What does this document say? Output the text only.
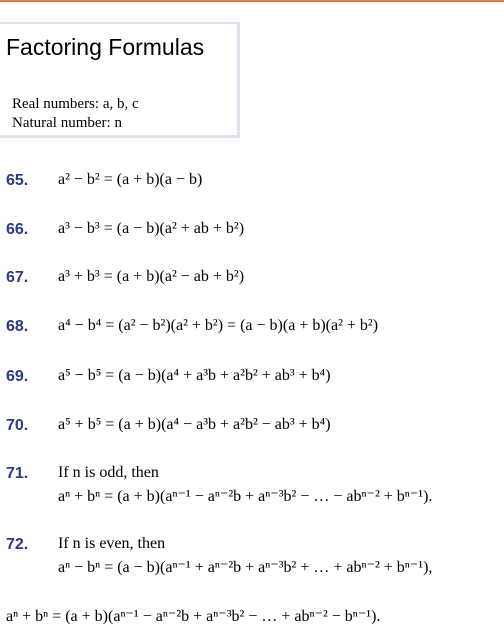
Factoring Formulas
Real numbers: a, b, c
Natural number: n
65. a² − b² = (a + b)(a − b)
66. a³ − b³ = (a − b)(a² + ab + b²)
67. a³ + b³ = (a + b)(a² − ab + b²)
68. a⁴ − b⁴ = (a² − b²)(a² + b²) = (a − b)(a + b)(a² + b²)
69. a⁵ − b⁵ = (a − b)(a⁴ + a³b + a²b² + ab³ + b⁴)
70. a⁵ + b⁵ = (a + b)(a⁴ − a³b + a²b² − ab³ + b⁴)
71. If n is odd, then
aⁿ + bⁿ = (a + b)(aⁿ⁻¹ − aⁿ⁻²b + aⁿ⁻³b² − … − abⁿ⁻² + bⁿ⁻¹).
72. If n is even, then
aⁿ − bⁿ = (a − b)(aⁿ⁻¹ + aⁿ⁻²b + aⁿ⁻³b² + … + abⁿ⁻² + bⁿ⁻¹),
aⁿ + bⁿ = (a + b)(aⁿ⁻¹ − aⁿ⁻²b + aⁿ⁻³b² − … + abⁿ⁻² − bⁿ⁻¹).
